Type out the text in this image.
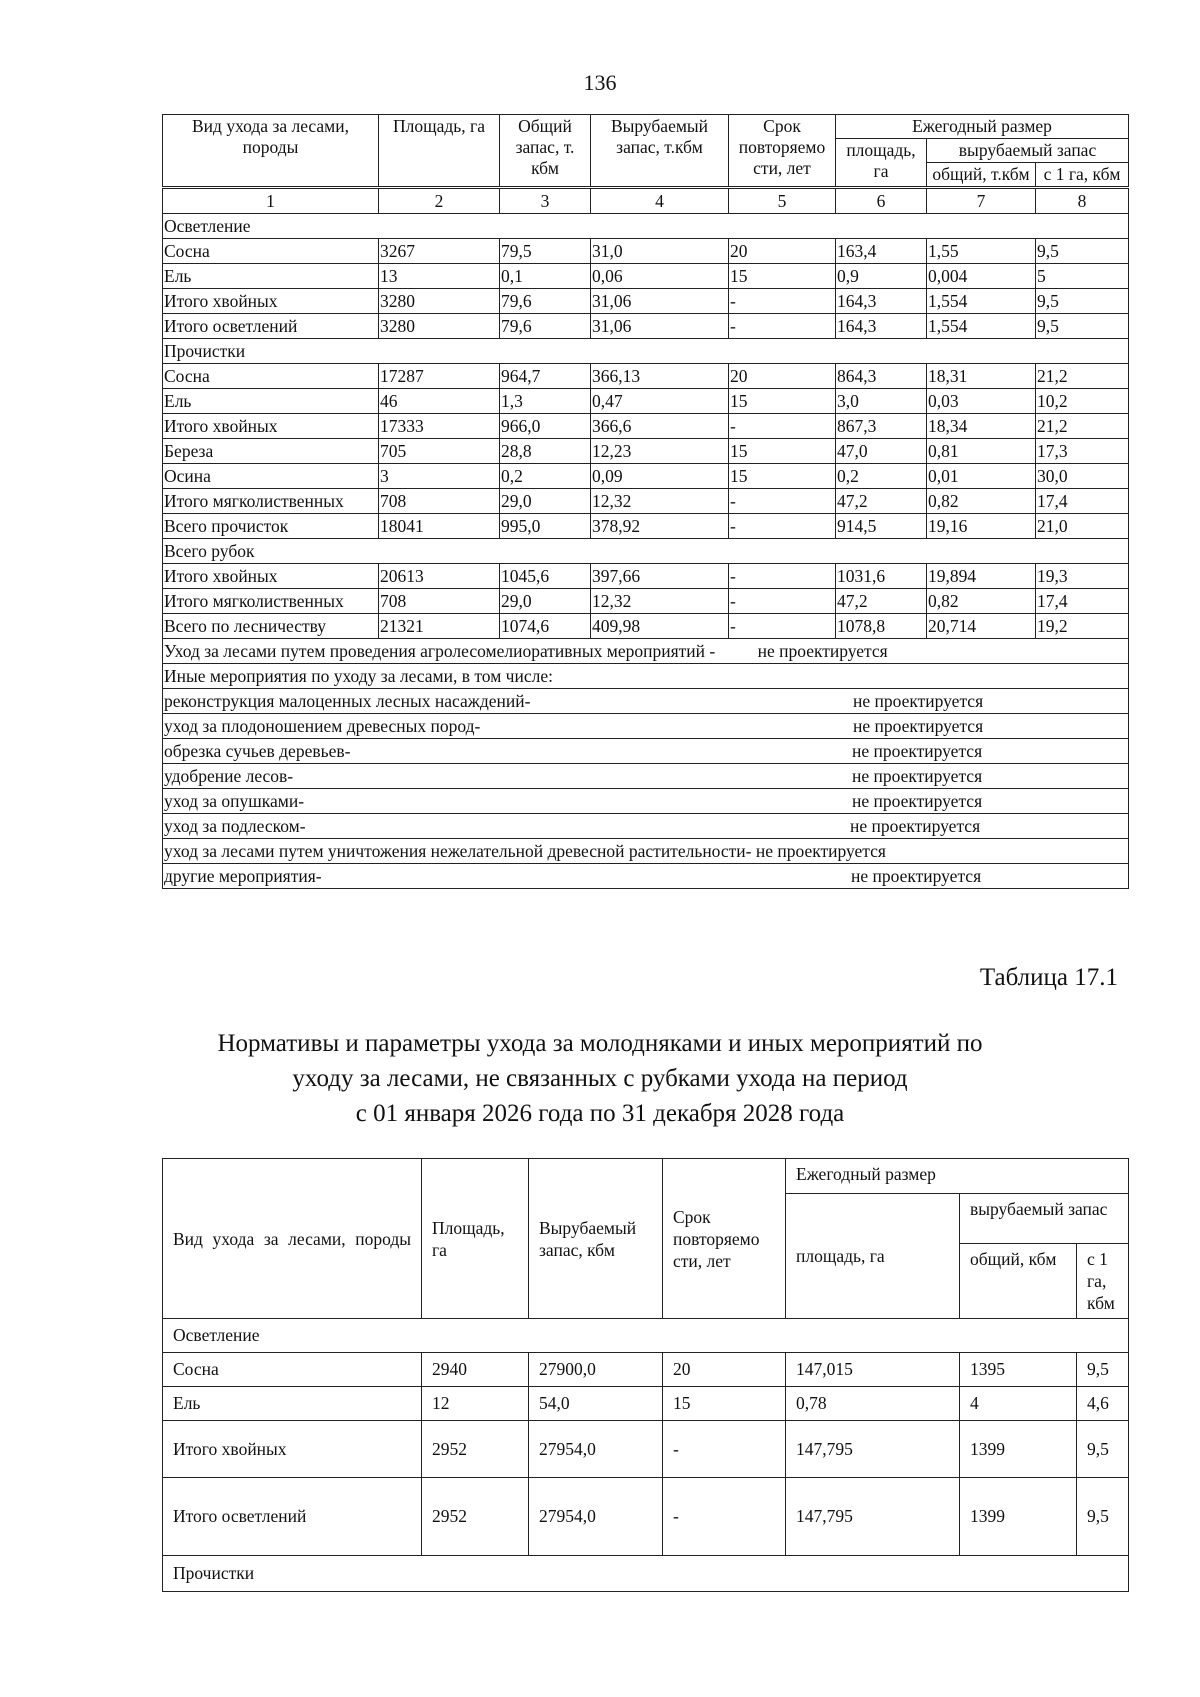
136
Вид ухода за лесами, породы	Площадь, га	Общий запас, т. кбм	Вырубаемый запас, т.кбм	Срок повторяемо сти, лет	Ежегодный размер		
					площадь, га	вырубаемый запас	
						общий, т.кбм	с 1 га, кбм
1	2	3	4	5	6	7	8
Осветление							
Сосна	3267	79,5	31,0	20	163,4	1,55	9,5
Ель	13	0,1	0,06	15	0,9	0,004	5
Итого хвойных	3280	79,6	31,06	-	164,3	1,554	9,5
Итого осветлений	3280	79,6	31,06	-	164,3	1,554	9,5
Прочистки							
Сосна	17287	964,7	366,13	20	864,3	18,31	21,2
Ель	46	1,3	0,47	15	3,0	0,03	10,2
Итого хвойных	17333	966,0	366,6	-	867,3	18,34	21,2
Береза	705	28,8	12,23	15	47,0	0,81	17,3
Осина	3	0,2	0,09	15	0,2	0,01	30,0
Итого мягколиственных	708	29,0	12,32	-	47,2	0,82	17,4
Всего прочисток	18041	995,0	378,92	-	914,5	19,16	21,0
Всего рубок							
Итого хвойных	20613	1045,6	397,66	-	1031,6	19,894	19,3
Итого мягколиственных	708	29,0	12,32	-	47,2	0,82	17,4
Всего по лесничеству	21321	1074,6	409,98	-	1078,8	20,714	19,2
Уход за лесами путем проведения агролесомелиоративных мероприятий - не проектируется							
Иные мероприятия по уходу за лесами, в том числе:							
реконструкция малоценных лесных насаждений- не проектируется							
уход за плодоношением древесных пород- не проектируется							
обрезка сучьев деревьев- не проектируется							
удобрение лесов- не проектируется							
уход за опушками- не проектируется							
уход за подлеском- не проектируется							
уход за лесами путем уничтожения нежелательной древесной растительности- не проектируется							
другие мероприятия- не проектируется							
Таблица 17.1
Нормативы и параметры ухода за молодняками и иных мероприятий по
уходу за лесами, не связанных с рубками ухода на период
с 01 января 2026 года по 31 декабря 2028 года
Вид ухода за лесами, породы	Площадь, га	Вырубаемый запас, кбм	Срок повторяемо сти, лет	Ежегодный размер		
				площадь, га	вырубаемый запас	
					общий, кбм	с 1 га, кбм
Осветление						
Сосна	2940	27900,0	20	147,015	1395	9,5
Ель	12	54,0	15	0,78	4	4,6
Итого хвойных	2952	27954,0	-	147,795	1399	9,5
Итого осветлений	2952	27954,0	-	147,795	1399	9,5
Прочистки						
